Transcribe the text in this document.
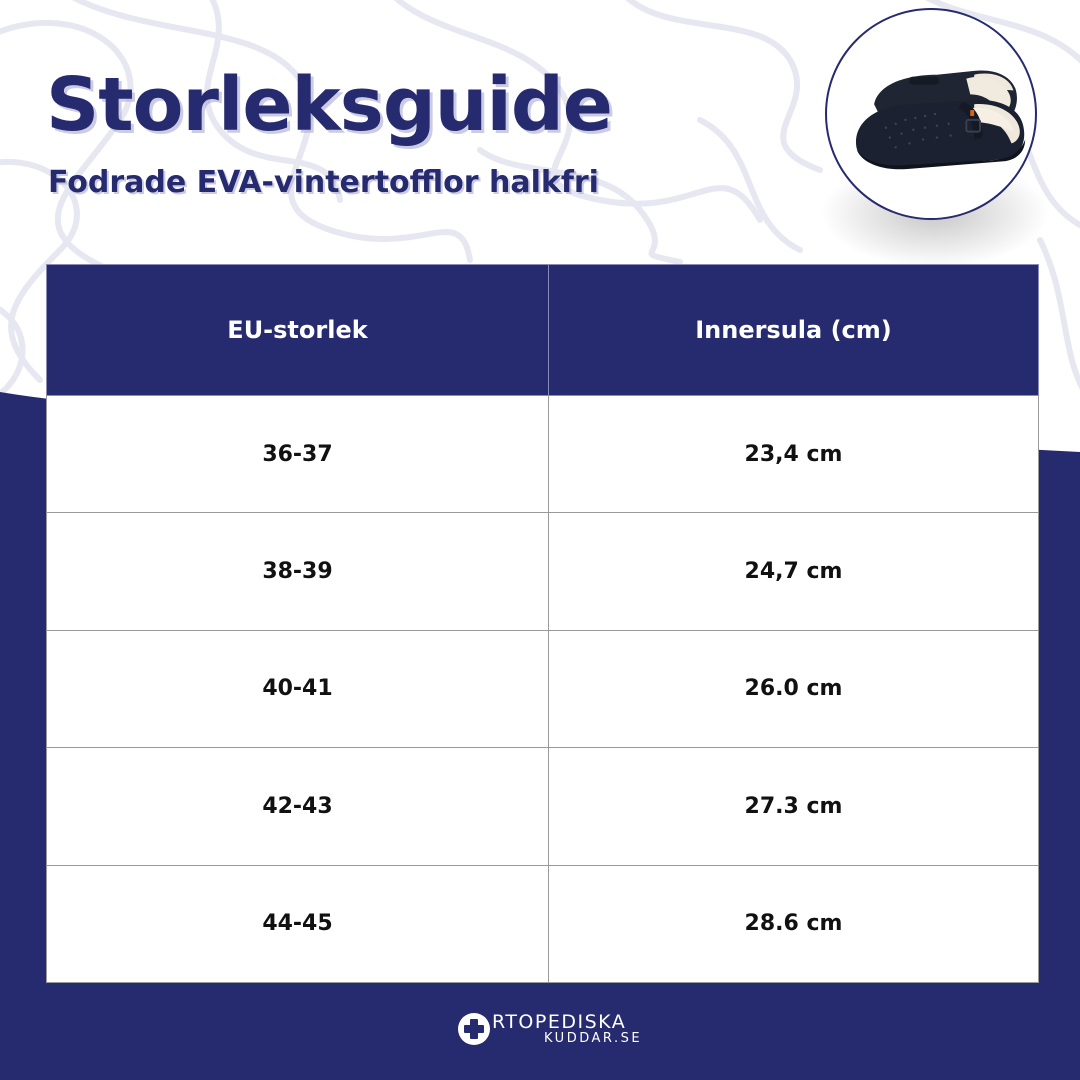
Storleksguide
Fodrade EVA-vintertofflor halkfri
EU-storlek	Innersula (cm)
36-37	23,4 cm
38-39	24,7 cm
40-41	26.0 cm
42-43	27.3 cm
44-45	28.6 cm
RTOPEDISKA
KUDDAR.SE
